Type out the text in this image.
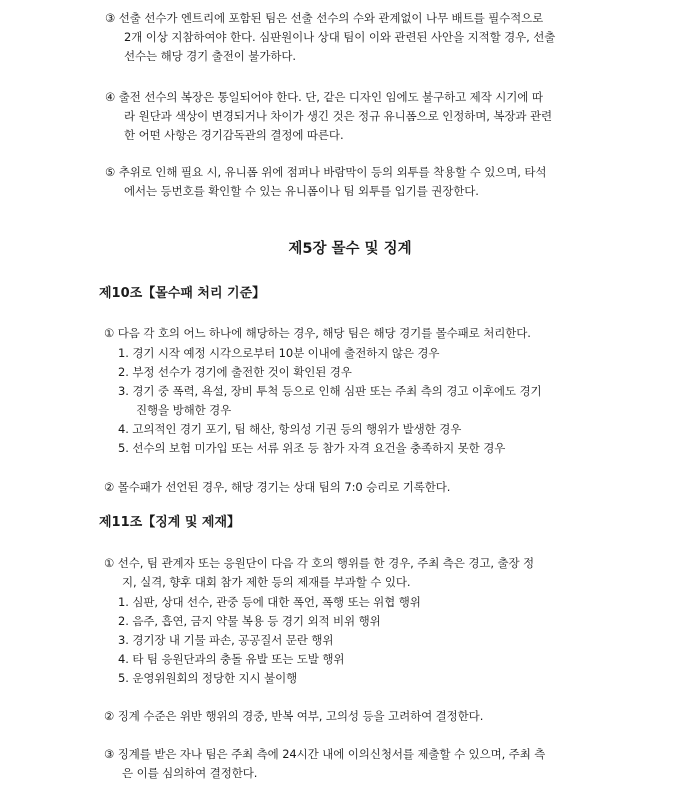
③ 선출 선수가 엔트리에 포함된 팀은 선출 선수의 수와 관계없이 나무 배트를 필수적으로
2개 이상 지참하여야 한다. 심판원이나 상대 팀이 이와 관련된 사안을 지적할 경우, 선출
선수는 해당 경기 출전이 불가하다.
④ 출전 선수의 복장은 통일되어야 한다. 단, 같은 디자인 임에도 불구하고 제작 시기에 따
라 원단과 색상이 변경되거나 차이가 생긴 것은 정규 유니폼으로 인정하며, 복장과 관련
한 어떤 사항은 경기감독관의 결정에 따른다.
⑤ 추위로 인해 필요 시, 유니폼 위에 점퍼나 바람막이 등의 외투를 착용할 수 있으며, 타석
에서는 등번호를 확인할 수 있는 유니폼이나 팀 외투를 입기를 권장한다.
제5장 몰수 및 징계
제10조【몰수패 처리 기준】
① 다음 각 호의 어느 하나에 해당하는 경우, 해당 팀은 해당 경기를 몰수패로 처리한다.
1. 경기 시작 예정 시각으로부터 10분 이내에 출전하지 않은 경우
2. 부정 선수가 경기에 출전한 것이 확인된 경우
3. 경기 중 폭력, 욕설, 장비 투척 등으로 인해 심판 또는 주최 측의 경고 이후에도 경기
진행을 방해한 경우
4. 고의적인 경기 포기, 팀 해산, 항의성 기권 등의 행위가 발생한 경우
5. 선수의 보험 미가입 또는 서류 위조 등 참가 자격 요건을 충족하지 못한 경우
② 몰수패가 선언된 경우, 해당 경기는 상대 팀의 7:0 승리로 기록한다.
제11조【징계 및 제재】
① 선수, 팀 관계자 또는 응원단이 다음 각 호의 행위를 한 경우, 주최 측은 경고, 출장 정
지, 실격, 향후 대회 참가 제한 등의 제재를 부과할 수 있다.
1. 심판, 상대 선수, 관중 등에 대한 폭언, 폭행 또는 위협 행위
2. 음주, 흡연, 금지 약물 복용 등 경기 외적 비위 행위
3. 경기장 내 기물 파손, 공공질서 문란 행위
4. 타 팀 응원단과의 충돌 유발 또는 도발 행위
5. 운영위원회의 정당한 지시 불이행
② 징계 수준은 위반 행위의 경중, 반복 여부, 고의성 등을 고려하여 결정한다.
③ 징계를 받은 자나 팀은 주최 측에 24시간 내에 이의신청서를 제출할 수 있으며, 주최 측
은 이를 심의하여 결정한다.
